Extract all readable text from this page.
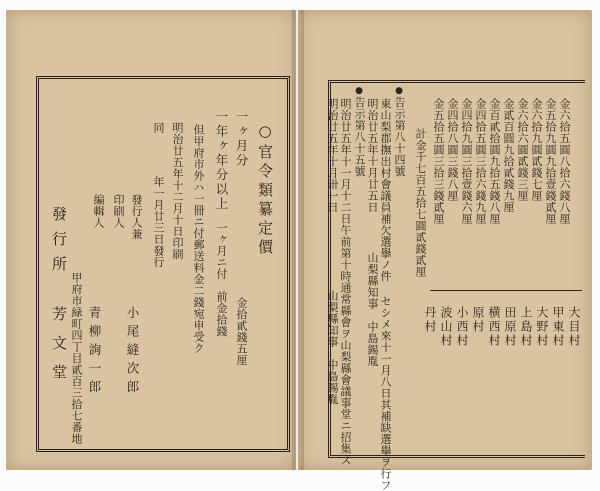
○官令類纂定價
一ヶ月分
金拾貳錢五厘
一年ヶ年分以上
一ヶ月ニ付　前金拾錢
但甲府市外ハ一冊ニ付郵送料金二錢宛申受ク
明治廿五年十二月十日印刷
同
年一月廿三日發行
發行人兼
小尾縫次郎
印刷人
編輯人
青柳詢一郎
甲府市緑町四丁目貳百三拾七番地
發行所
芳文堂
金六拾五圓八拾六錢八厘
金五拾九圓九拾壹錢貳厘
金六拾九圓貳錢七厘
金六拾六圓貳錢三厘
金貳百圓九拾貳錢九厘
金百貳拾圓九拾五錢八厘
金四拾五圓三拾六錢九厘
金四拾九圓三拾壹錢六厘
金四拾八圓三錢八厘
金五拾五圓三拾三錢貳厘
計金千七百五拾七圓貳錢貳厘
●告示第八十四號
東山梨郡撫出村會議員補欠選擧ノ件 セシメ來十一月八日其補缺選擧ヲ行フ
山梨縣知事　中島錫胤
明治廿五年十月廿五日
●告示第八十五號
明治廿五年十一月十二日午前第十時通常縣會ヲ山梨縣會議事堂ニ招集ス
明治廿五年十月卅一日
山梨縣知事　中島錫胤	大目村
甲東村
大野村
上島村
田原村
横西村
原村
小西村
波山村
丹村
